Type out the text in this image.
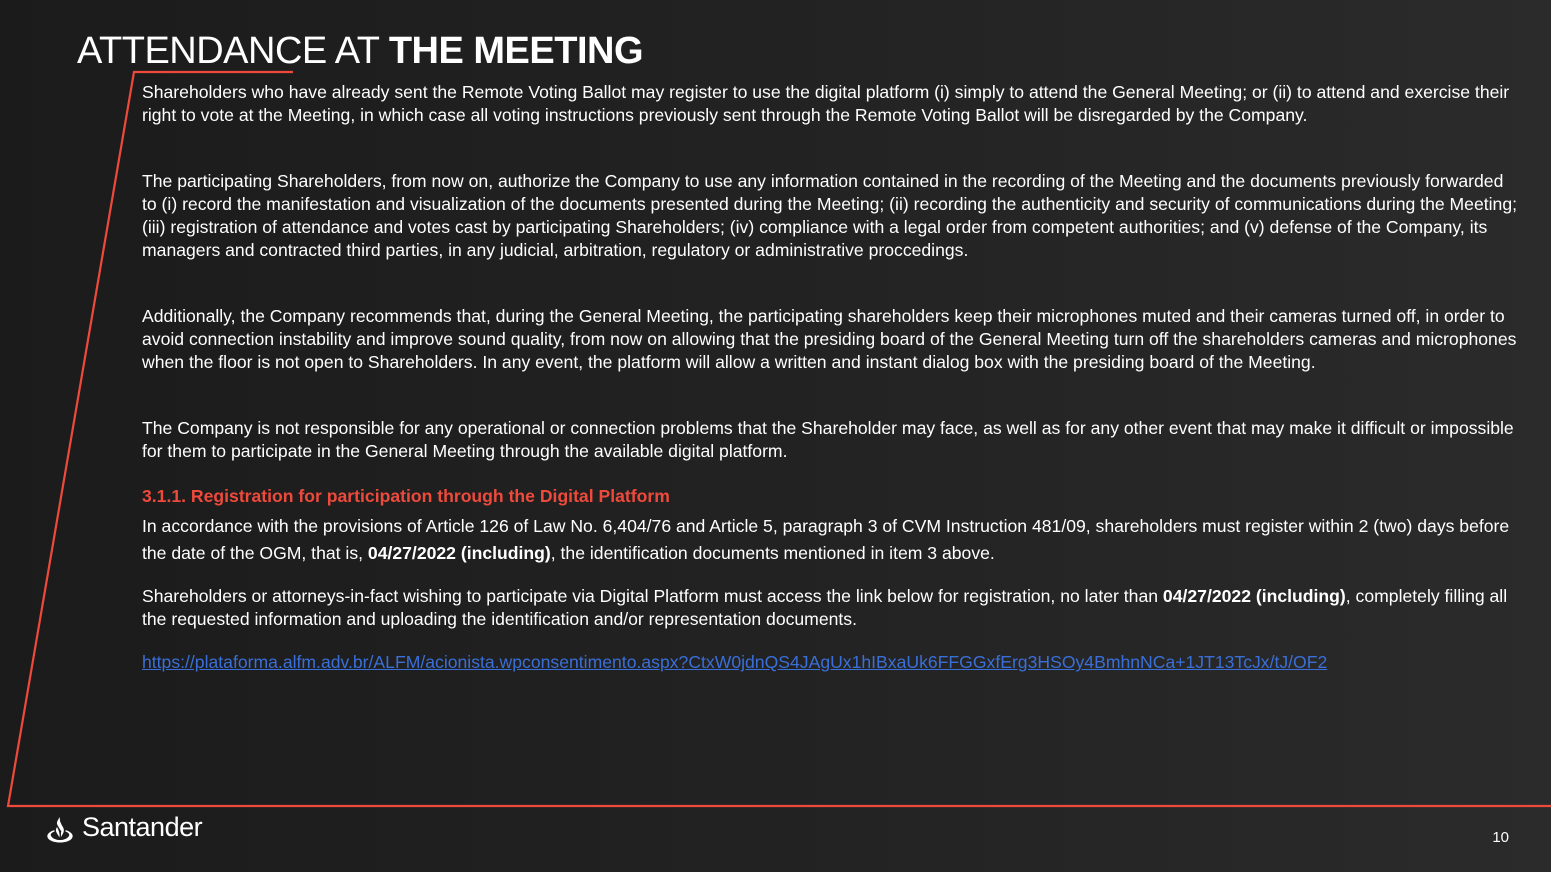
ATTENDANCE AT THE MEETING

Shareholders who have already sent the Remote Voting Ballot may register to use the digital platform (i) simply to attend the General Meeting; or (ii) to attend and exercise their right to vote at the Meeting, in which case all voting instructions previously sent through the Remote Voting Ballot will be disregarded by the Company.

The participating Shareholders, from now on, authorize the Company to use any information contained in the recording of the Meeting and the documents previously forwarded to (i) record the manifestation and visualization of the documents presented during the Meeting; (ii) recording the authenticity and security of communications during the Meeting; (iii) registration of attendance and votes cast by participating Shareholders; (iv) compliance with a legal order from competent authorities; and (v) defense of the Company, its managers and contracted third parties, in any judicial, arbitration, regulatory or administrative proccedings.

Additionally, the Company recommends that, during the General Meeting, the participating shareholders keep their microphones muted and their cameras turned off, in order to avoid connection instability and improve sound quality, from now on allowing that the presiding board of the General Meeting turn off the shareholders cameras and microphones when the floor is not open to Shareholders. In any event, the platform will allow a written and instant dialog box with the presiding board of the Meeting.

The Company is not responsible for any operational or connection problems that the Shareholder may face, as well as for any other event that may make it difficult or impossible for them to participate in the General Meeting through the available digital platform.

3.1.1. Registration for participation through the Digital Platform

In accordance with the provisions of Article 126 of Law No. 6,404/76 and Article 5, paragraph 3 of CVM Instruction 481/09, shareholders must register within 2 (two) days before the date of the OGM, that is, 04/27/2022 (including), the identification documents mentioned in item 3 above.

Shareholders or attorneys-in-fact wishing to participate via Digital Platform must access the link below for registration, no later than 04/27/2022 (including), completely filling all the requested information and uploading the identification and/or representation documents.

https://plataforma.alfm.adv.br/ALFM/acionista.wpconsentimento.aspx?CtxW0jdnQS4JAgUx1hIBxaUk6FFGGxfErg3HSOy4BmhnNCa+1JT13TcJx/tJ/OF2
Santander	10
